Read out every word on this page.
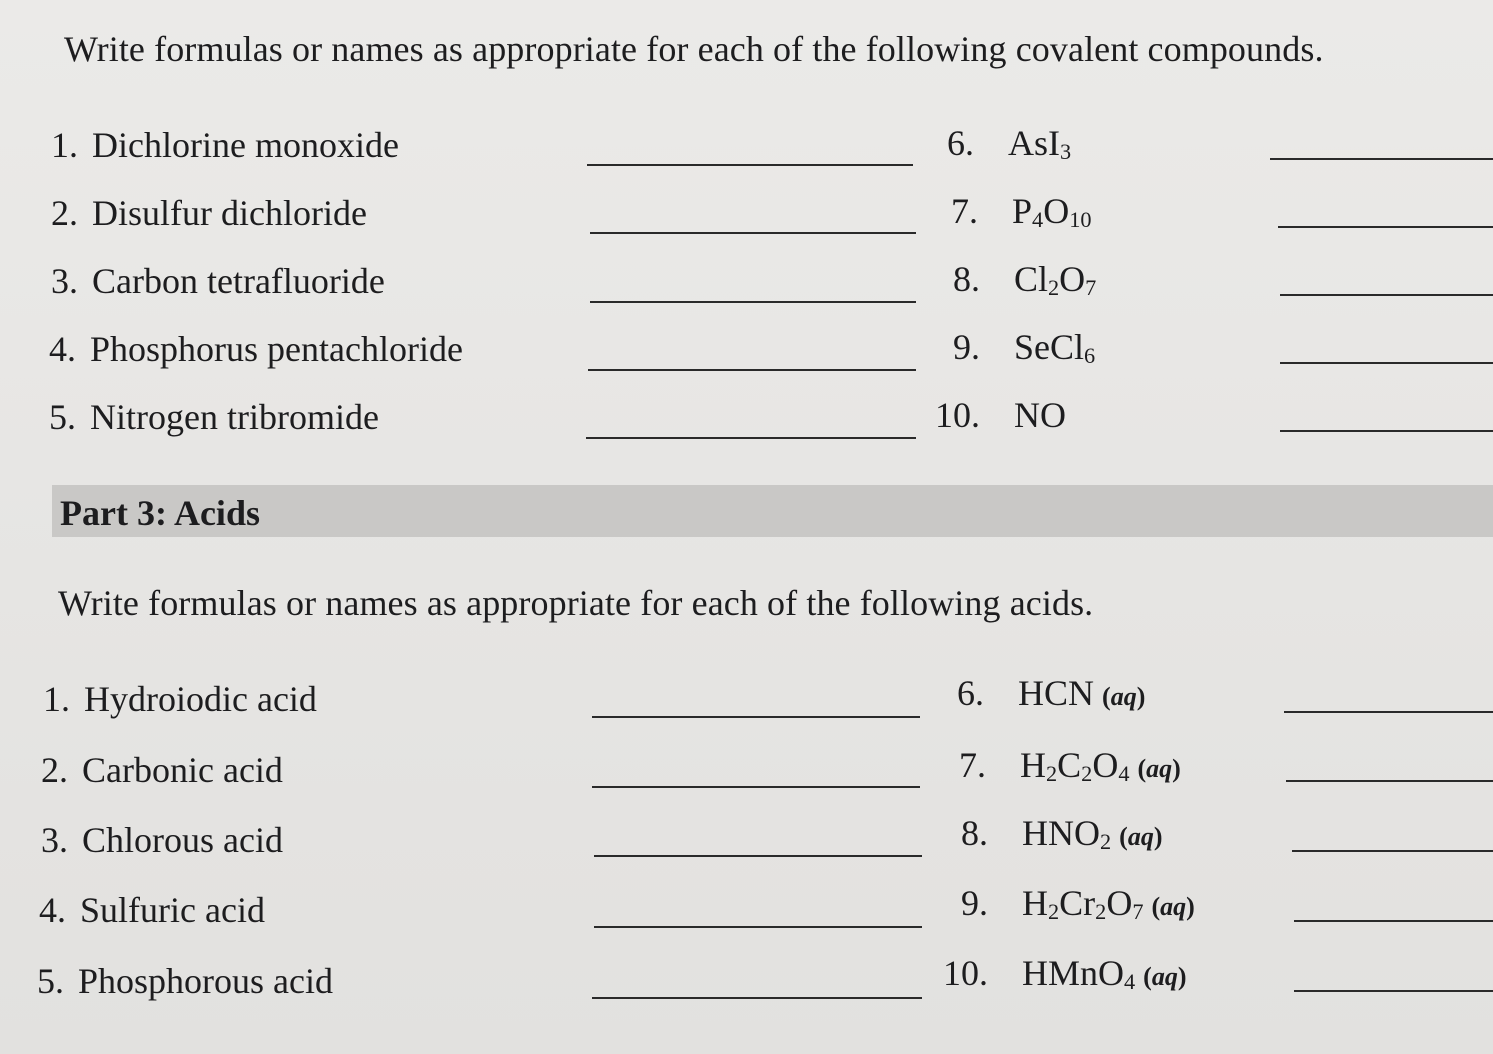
Write formulas or names as appropriate for each of the following covalent compounds.
1. Dichlorine monoxide
2. Disulfur dichloride
3. Carbon tetrafluoride
4. Phosphorus pentachloride
5. Nitrogen tribromide
6. AsI$_3$
7. $P_4O_{10}$
8. $Cl_2O_7$
9. SeCl$_6$
10. NO
Part 3: Acids
Write formulas or names as appropriate for each of the following acids.
1. Hydroiodic acid
2. Carbonic acid
3. Chlorous acid
4. Sulfuric acid
5. Phosphorous acid
6. HCN (aq)
7. $H_2C_2O_4$ (aq)
8. $HNO_2$ (aq)
9. $H_2Cr_2O_7$ (aq)
10. HMnO$_4$ (aq)
